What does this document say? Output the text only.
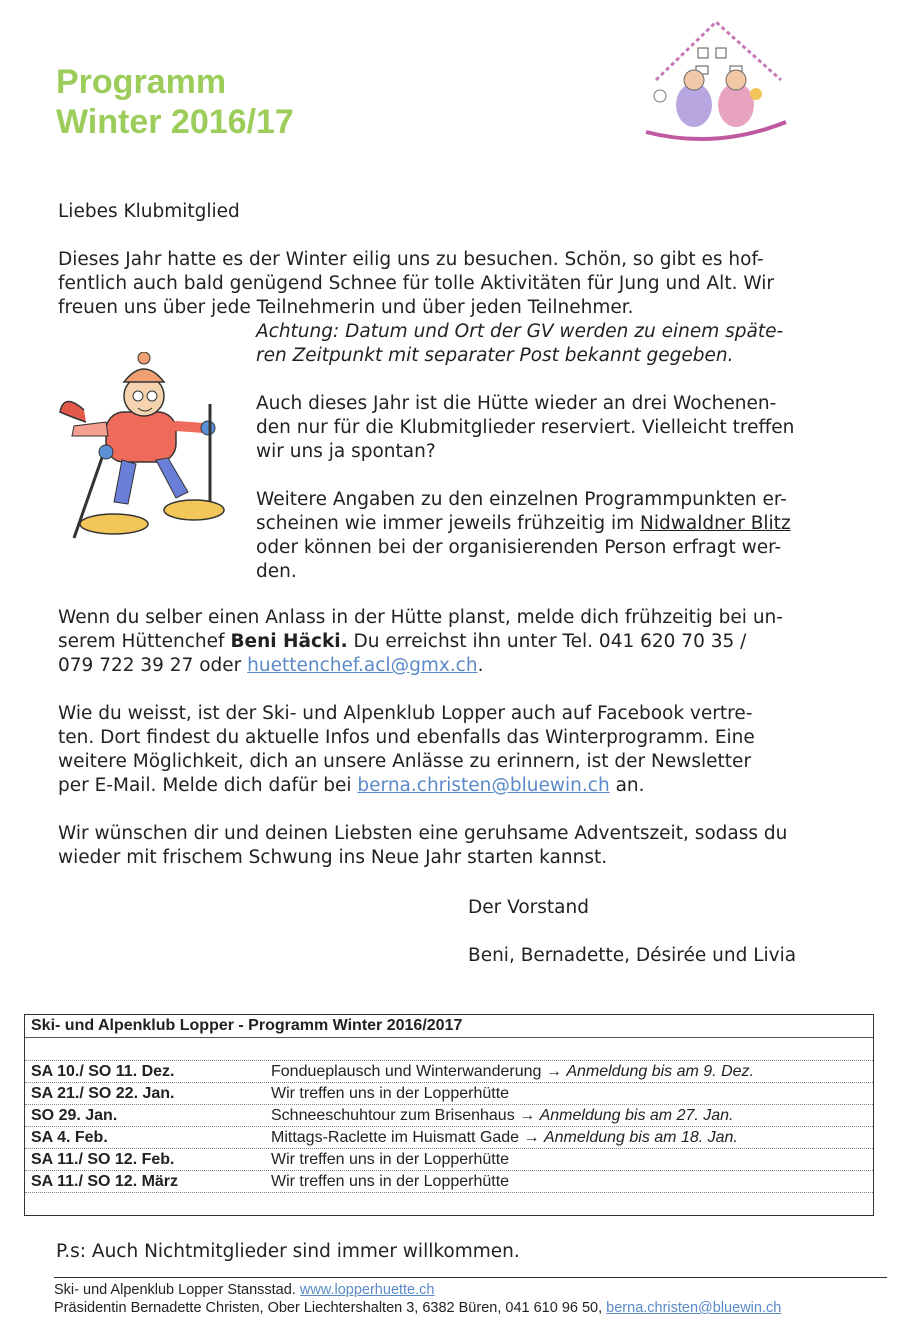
Programm
Winter 2016/17
Liebes Klubmitglied
Dieses Jahr hatte es der Winter eilig uns zu besuchen. Schön, so gibt es hof-
fentlich auch bald genügend Schnee für tolle Aktivitäten für Jung und Alt. Wir
freuen uns über jede Teilnehmerin und über jeden Teilnehmer.
Achtung: Datum und Ort der GV werden zu einem späte-
ren Zeitpunkt mit separater Post bekannt gegeben.
Auch dieses Jahr ist die Hütte wieder an drei Wochenen-
den nur für die Klubmitglieder reserviert. Vielleicht treffen
wir uns ja spontan?
Weitere Angaben zu den einzelnen Programmpunkten er-
scheinen wie immer jeweils frühzeitig im Nidwaldner Blitz
oder können bei der organisierenden Person erfragt wer-
den.
Wenn du selber einen Anlass in der Hütte planst, melde dich frühzeitig bei un-
serem Hüttenchef Beni Häcki. Du erreichst ihn unter Tel. 041 620 70 35 /
079 722 39 27 oder huettenchef.acl@gmx.ch.
Wie du weisst, ist der Ski- und Alpenklub Lopper auch auf Facebook vertre-
ten. Dort findest du aktuelle Infos und ebenfalls das Winterprogramm. Eine
weitere Möglichkeit, dich an unsere Anlässe zu erinnern, ist der Newsletter
per E-Mail. Melde dich dafür bei berna.christen@bluewin.ch an.
Wir wünschen dir und deinen Liebsten eine geruhsame Adventszeit, sodass du
wieder mit frischem Schwung ins Neue Jahr starten kannst.
Der Vorstand
Beni, Bernadette, Désirée und Livia
Ski- und Alpenklub Lopper - Programm Winter 2016/2017
SA 10./ SO 11. Dez.	Fondueplausch und Winterwanderung → Anmeldung bis am 9. Dez.
SA 21./ SO 22. Jan.	Wir treffen uns in der Lopperhütte
SO 29. Jan.	Schneeschuhtour zum Brisenhaus → Anmeldung bis am 27. Jan.
SA 4. Feb.	Mittags-Raclette im Huismatt Gade → Anmeldung bis am 18. Jan.
SA 11./ SO 12. Feb.	Wir treffen uns in der Lopperhütte
SA 11./ SO 12. März	Wir treffen uns in der Lopperhütte
P.s: Auch Nichtmitglieder sind immer willkommen.
Ski- und Alpenklub Lopper Stansstad. www.lopperhuette.ch
Präsidentin Bernadette Christen, Ober Liechtershalten 3, 6382 Büren, 041 610 96 50, berna.christen@bluewin.ch
